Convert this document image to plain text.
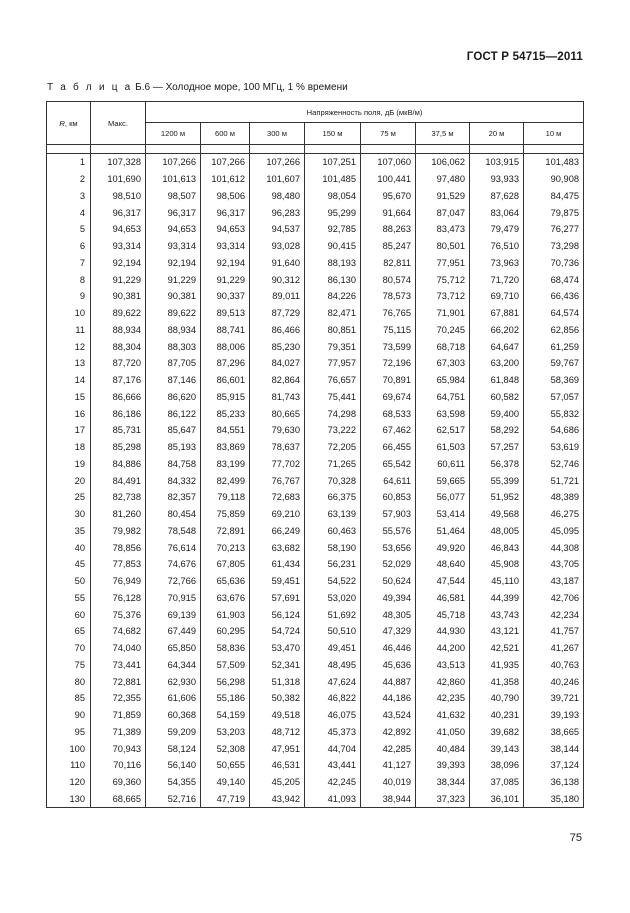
ГОСТ Р 54715—2011
Т а б л и ц а Б.6 — Холодное море, 100 МГц, 1 % времени
R, км	Макс.	Напряженность поля, дБ (мкВ/м)							
		1200 м	600 м	300 м	150 м	75 м	37,5 м	20 м	10 м

1	107,328	107,266	107,266	107,266	107,251	107,060	106,062	103,915	101,483
2	101,690	101,613	101,612	101,607	101,485	100,441	97,480	93,933	90,908
3	98,510	98,507	98,506	98,480	98,054	95,670	91,529	87,628	84,475
4	96,317	96,317	96,317	96,283	95,299	91,664	87,047	83,064	79,875
5	94,653	94,653	94,653	94,537	92,785	88,263	83,473	79,479	76,277
6	93,314	93,314	93,314	93,028	90,415	85,247	80,501	76,510	73,298
7	92,194	92,194	92,194	91,640	88,193	82,811	77,951	73,963	70,736
8	91,229	91,229	91,229	90,312	86,130	80,574	75,712	71,720	68,474
9	90,381	90,381	90,337	89,011	84,226	78,573	73,712	69,710	66,436
10	89,622	89,622	89,513	87,729	82,471	76,765	71,901	67,881	64,574
11	88,934	88,934	88,741	86,466	80,851	75,115	70,245	66,202	62,856
12	88,304	88,303	88,006	85,230	79,351	73,599	68,718	64,647	61,259
13	87,720	87,705	87,296	84,027	77,957	72,196	67,303	63,200	59,767
14	87,176	87,146	86,601	82,864	76,657	70,891	65,984	61,848	58,369
15	86,666	86,620	85,915	81,743	75,441	69,674	64,751	60,582	57,057
16	86,186	86,122	85,233	80,665	74,298	68,533	63,598	59,400	55,832
17	85,731	85,647	84,551	79,630	73,222	67,462	62,517	58,292	54,686
18	85,298	85,193	83,869	78,637	72,205	66,455	61,503	57,257	53,619
19	84,886	84,758	83,199	77,702	71,265	65,542	60,611	56,378	52,746
20	84,491	84,332	82,499	76,767	70,328	64,611	59,665	55,399	51,721
25	82,738	82,357	79,118	72,683	66,375	60,853	56,077	51,952	48,389
30	81,260	80,454	75,859	69,210	63,139	57,903	53,414	49,568	46,275
35	79,982	78,548	72,891	66,249	60,463	55,576	51,464	48,005	45,095
40	78,856	76,614	70,213	63,682	58,190	53,656	49,920	46,843	44,308
45	77,853	74,676	67,805	61,434	56,231	52,029	48,640	45,908	43,705
50	76,949	72,766	65,636	59,451	54,522	50,624	47,544	45,110	43,187
55	76,128	70,915	63,676	57,691	53,020	49,394	46,581	44,399	42,706
60	75,376	69,139	61,903	56,124	51,692	48,305	45,718	43,743	42,234
65	74,682	67,449	60,295	54,724	50,510	47,329	44,930	43,121	41,757
70	74,040	65,850	58,836	53,470	49,451	46,446	44,200	42,521	41,267
75	73,441	64,344	57,509	52,341	48,495	45,636	43,513	41,935	40,763
80	72,881	62,930	56,298	51,318	47,624	44,887	42,860	41,358	40,246
85	72,355	61,606	55,186	50,382	46,822	44,186	42,235	40,790	39,721
90	71,859	60,368	54,159	49,518	46,075	43,524	41,632	40,231	39,193
95	71,389	59,209	53,203	48,712	45,373	42,892	41,050	39,682	38,665
100	70,943	58,124	52,308	47,951	44,704	42,285	40,484	39,143	38,144
110	70,116	56,140	50,655	46,531	43,441	41,127	39,393	38,096	37,124
120	69,360	54,355	49,140	45,205	42,245	40,019	38,344	37,085	36,138
130	68,665	52,716	47,719	43,942	41,093	38,944	37,323	36,101	35,180
75
